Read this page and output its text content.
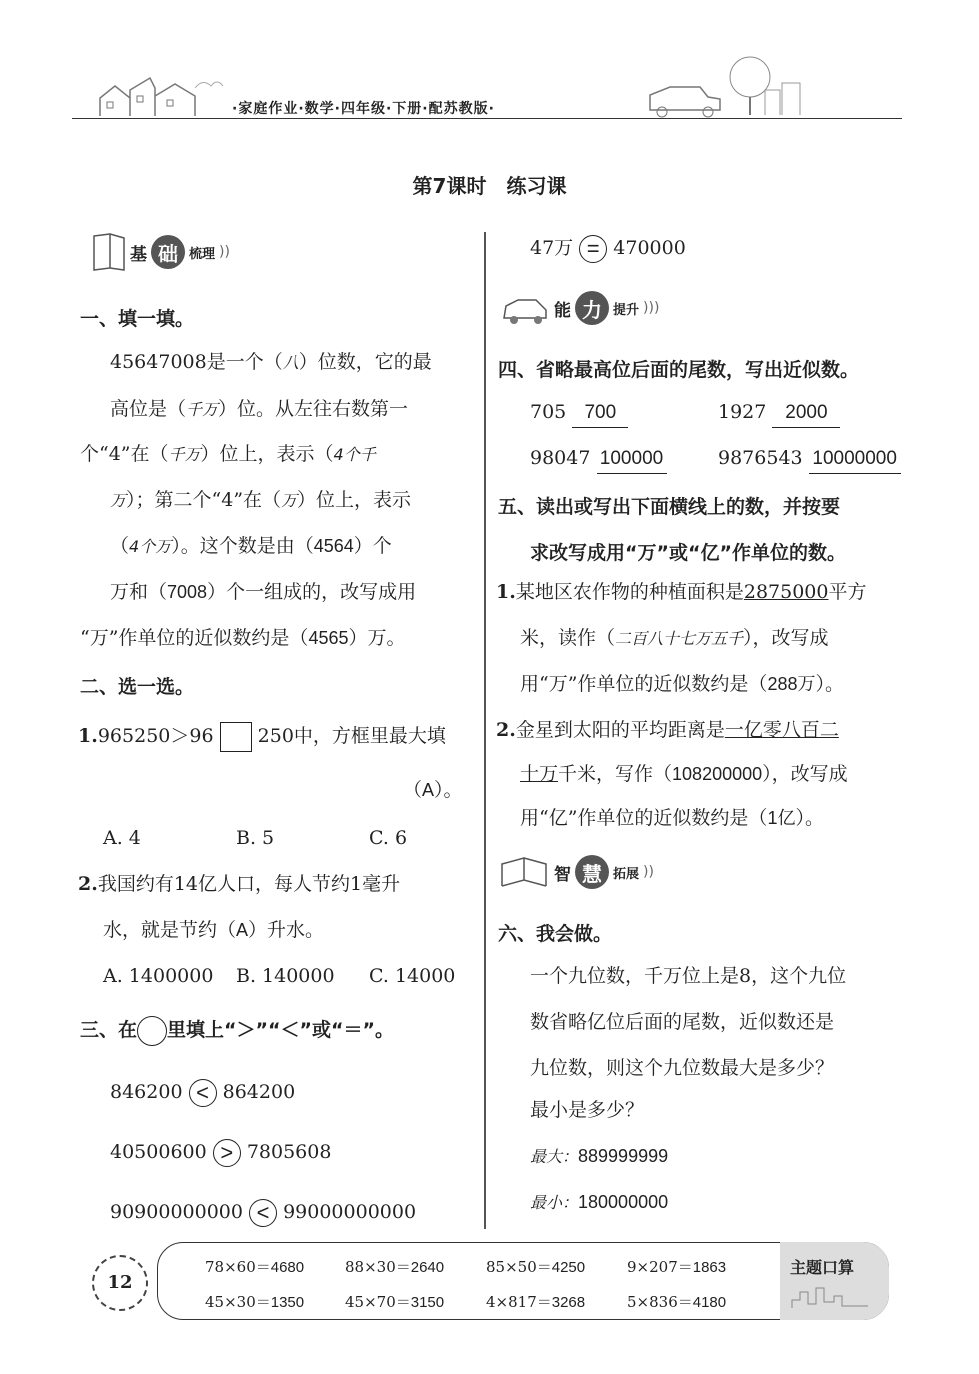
·家庭作业·数学·四年级·下册·配苏教版·
第7课时　练习课
基 础 梳理 ))
一、填一填。
45647008是一个（八）位数，它的最
高位是（千万）位。从左往右数第一
个“4”在（千万）位上，表示（4个千
万）；第二个“4”在（万）位上，表示
（4个万）。这个数是由（4564）个
万和（7008）个一组成的，改写成用
“万”作单位的近似数约是（4565）万。
二、选一选。
1.965250＞96 250中，方框里最大填
（A）。
A. 4	B. 5	C. 6
2.我国约有14亿人口，每人节约1毫升
水，就是节约（A）升水。
A. 1400000 B. 140000 C. 14000
三、在 里填上“＞”“＜”或“＝”。
846200 < 864200
40500600 > 7805608
90900000000 < 99000000000
47万 = 470000
能 力 提升 )))
四、省略最高位后面的尾数，写出近似数。
705 700	1927 2000
98047 100000	9876543 10000000
五、读出或写出下面横线上的数，并按要
求改写成用“万”或“亿”作单位的数。
1.某地区农作物的种植面积是2875000平方
米，读作（二百八十七万五千），改写成
用“万”作单位的近似数约是（288万）。
2.金星到太阳的平均距离是一亿零八百二
十万千米，写作（108200000），改写成
用“亿”作单位的近似数约是（1亿）。
智 慧 拓展 ))
六、我会做。
一个九位数，千万位上是8，这个九位
数省略亿位后面的尾数，近似数还是
九位数，则这个九位数最大是多少？
最小是多少？
最大：889999999
最小：180000000
12
主题口算
78×60＝4680	88×30＝2640	85×50＝4250	9×207＝1863
45×30＝1350	45×70＝3150	4×817＝3268	5×836＝4180
